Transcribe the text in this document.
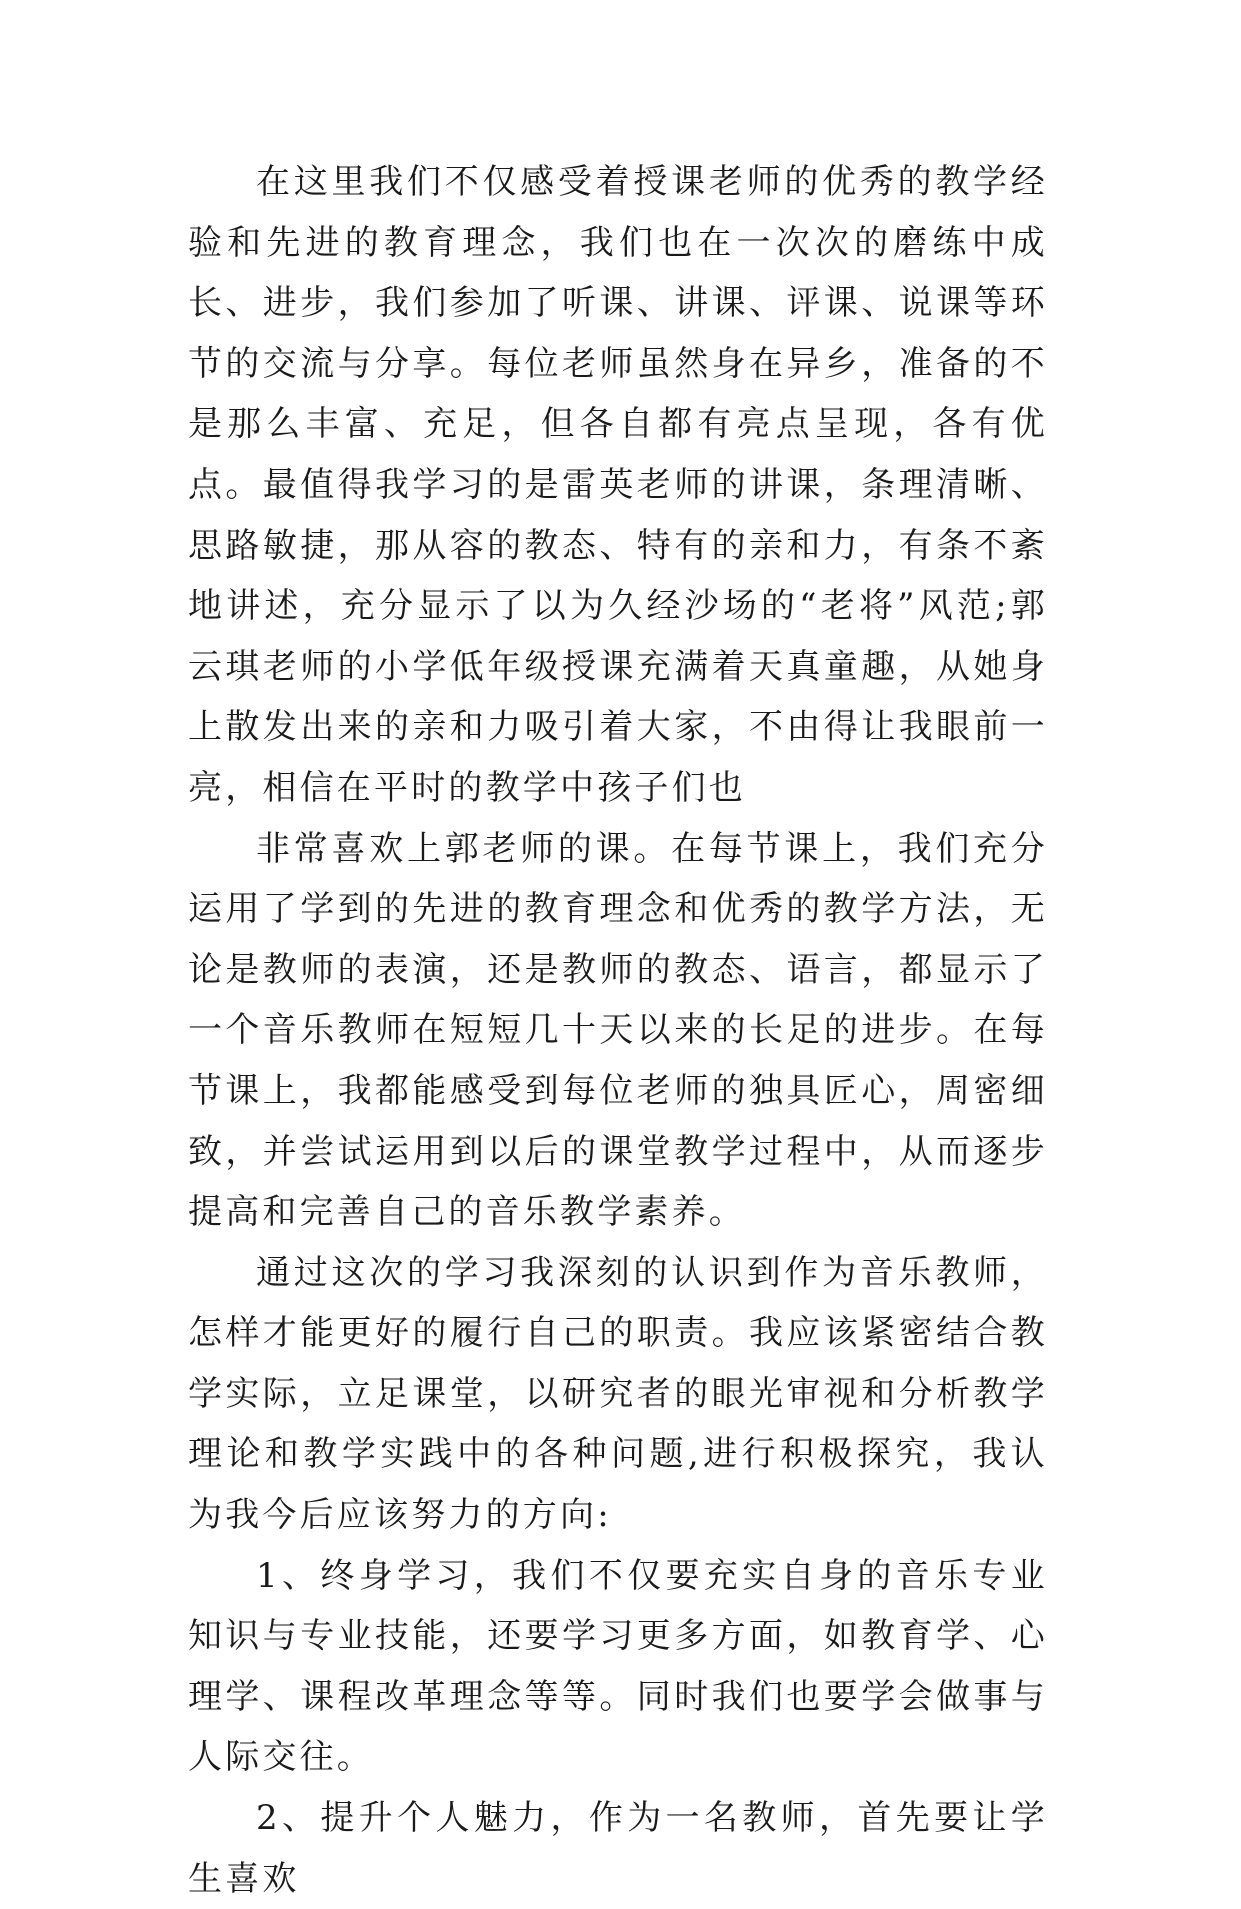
在这里我们不仅感受着授课老师的优秀的教学经验和先进的教育理念，我们也在一次次的磨练中成长、进步，我们参加了听课、讲课、评课、说课等环节的交流与分享。每位老师虽然身在异乡，准备的不是那么丰富、充足，但各自都有亮点呈现，各有优点。最值得我学习的是雷英老师的讲课，条理清晰、思路敏捷，那从容的教态、特有的亲和力，有条不紊地讲述，充分显示了以为久经沙场的“老将”风范;郭云琪老师的小学低年级授课充满着天真童趣，从她身上散发出来的亲和力吸引着大家，不由得让我眼前一亮，相信在平时的教学中孩子们也

非常喜欢上郭老师的课。在每节课上，我们充分运用了学到的先进的教育理念和优秀的教学方法，无论是教师的表演，还是教师的教态、语言，都显示了一个音乐教师在短短几十天以来的长足的进步。在每节课上，我都能感受到每位老师的独具匠心，周密细致，并尝试运用到以后的课堂教学过程中，从而逐步提高和完善自己的音乐教学素养。

通过这次的学习我深刻的认识到作为音乐教师，怎样才能更好的履行自己的职责。我应该紧密结合教学实际，立足课堂，以研究者的眼光审视和分析教学理论和教学实践中的各种问题,进行积极探究，我认为我今后应该努力的方向:

1、终身学习，我们不仅要充实自身的音乐专业知识与专业技能，还要学习更多方面，如教育学、心理学、课程改革理念等等。同时我们也要学会做事与人际交往。

2、提升个人魅力，作为一名教师，首先要让学生喜欢
